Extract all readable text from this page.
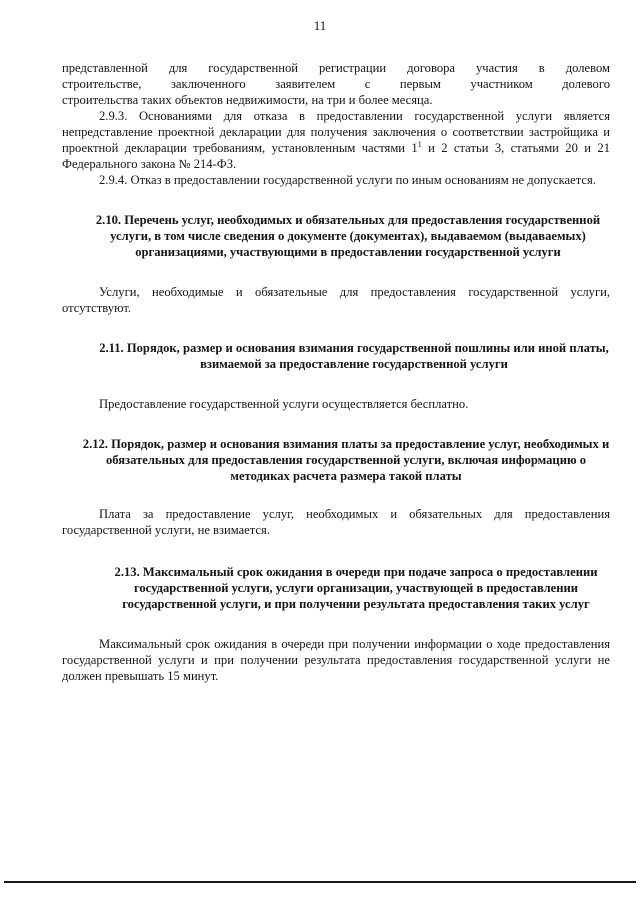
11

представленной для государственной регистрации договора участия в долевом

строительстве, заключенного заявителем с первым участником долевого

строительства таких объектов недвижимости, на три и более месяца.

2.9.3. Основаниями для отказа в предоставлении государственной услуги является непредставление проектной декларации для получения заключения о соответствии застройщика и проектной декларации требованиям, установленным частями $1^1$ и 2 статьи 3, статьями 20 и 21 Федерального закона № 214-ФЗ.

2.9.4. Отказ в предоставлении государственной услуги по иным основаниям не допускается.

2.10. Перечень услуг, необходимых и обязательных для предоставления государственной услуги, в том числе сведения о документе (документах), выдаваемом (выдаваемых) организациями, участвующими в предоставлении государственной услуги

Услуги, необходимые и обязательные для предоставления государственной услуги, отсутствуют.

2.11. Порядок, размер и основания взимания государственной пошлины или иной платы, взимаемой за предоставление государственной услуги

Предоставление государственной услуги осуществляется бесплатно.

2.12. Порядок, размер и основания взимания платы за предоставление услуг, необходимых и обязательных для предоставления государственной услуги, включая информацию о методиках расчета размера такой платы

Плата за предоставление услуг, необходимых и обязательных для предоставления государственной услуги, не взимается.

2.13. Максимальный срок ожидания в очереди при подаче запроса о предоставлении государственной услуги, услуги организации, участвующей в предоставлении государственной услуги, и при получении результата предоставления таких услуг

Максимальный срок ожидания в очереди при получении информации о ходе предоставления государственной услуги и при получении результата предоставления государственной услуги не должен превышать 15 минут.
